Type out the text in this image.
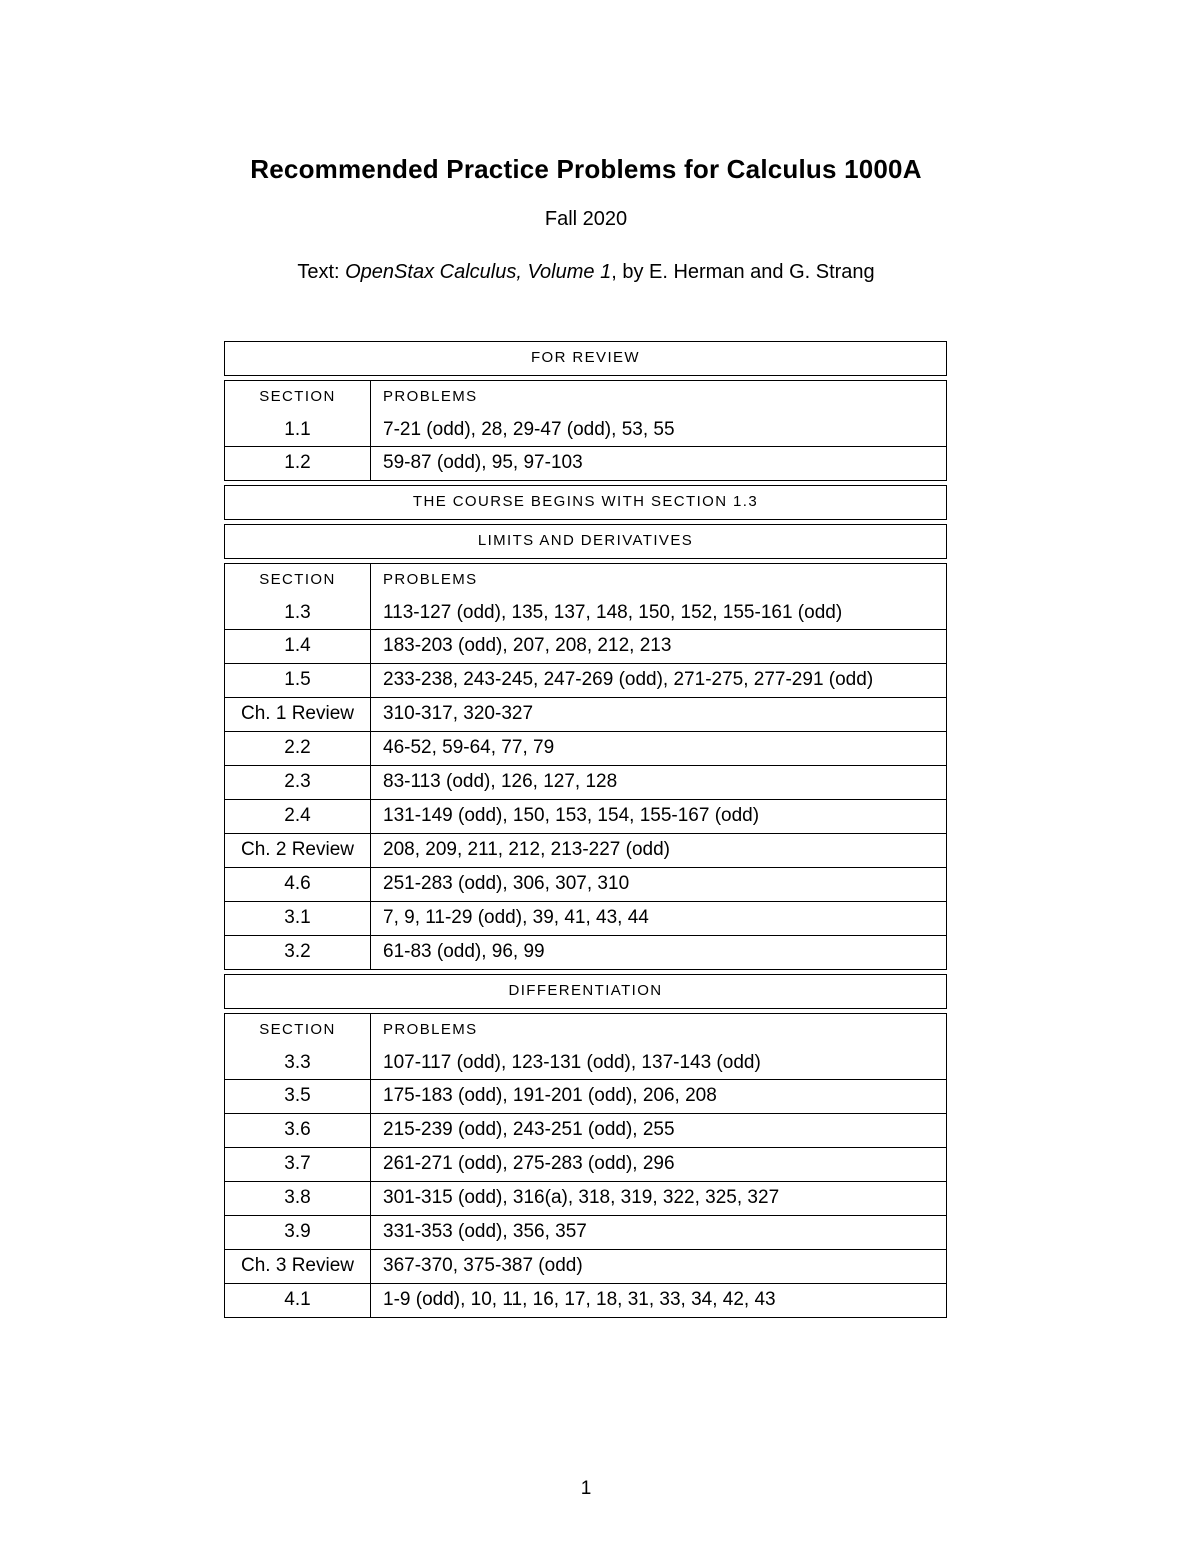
Recommended Practice Problems for Calculus 1000A
Fall 2020
Text: OpenStax Calculus, Volume 1, by E. Herman and G. Strang
FOR REVIEW
SECTION	PROBLEMS
1.1	7-21 (odd), 28, 29-47 (odd), 53, 55
1.2	59-87 (odd), 95, 97-103
THE COURSE BEGINS WITH SECTION 1.3
LIMITS AND DERIVATIVES
SECTION	PROBLEMS
1.3	113-127 (odd), 135, 137, 148, 150, 152, 155-161 (odd)
1.4	183-203 (odd), 207, 208, 212, 213
1.5	233-238, 243-245, 247-269 (odd), 271-275, 277-291 (odd)
Ch. 1 Review	310-317, 320-327
2.2	46-52, 59-64, 77, 79
2.3	83-113 (odd), 126, 127, 128
2.4	131-149 (odd), 150, 153, 154, 155-167 (odd)
Ch. 2 Review	208, 209, 211, 212, 213-227 (odd)
4.6	251-283 (odd), 306, 307, 310
3.1	7, 9, 11-29 (odd), 39, 41, 43, 44
3.2	61-83 (odd), 96, 99
DIFFERENTIATION
SECTION	PROBLEMS
3.3	107-117 (odd), 123-131 (odd), 137-143 (odd)
3.5	175-183 (odd), 191-201 (odd), 206, 208
3.6	215-239 (odd), 243-251 (odd), 255
3.7	261-271 (odd), 275-283 (odd), 296
3.8	301-315 (odd), 316(a), 318, 319, 322, 325, 327
3.9	331-353 (odd), 356, 357
Ch. 3 Review	367-370, 375-387 (odd)
4.1	1-9 (odd), 10, 11, 16, 17, 18, 31, 33, 34, 42, 43
1
